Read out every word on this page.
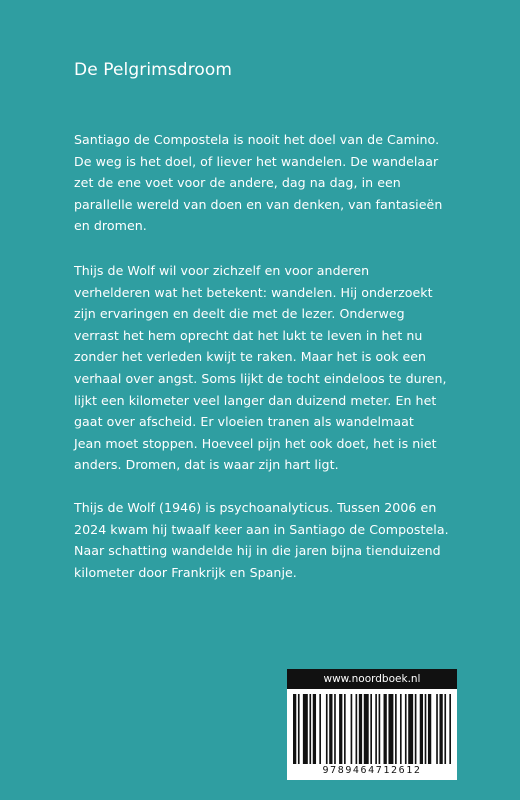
De Pelgrimsdroom
Santiago de Compostela is nooit het doel van de Camino.
De weg is het doel, of liever het wandelen. De wandelaar
zet de ene voet voor de andere, dag na dag, in een
parallelle wereld van doen en van denken, van fantasieën
en dromen.
Thijs de Wolf wil voor zichzelf en voor anderen
verhelderen wat het betekent: wandelen. Hij onderzoekt
zijn ervaringen en deelt die met de lezer. Onderweg
verrast het hem oprecht dat het lukt te leven in het nu
zonder het verleden kwijt te raken. Maar het is ook een
verhaal over angst. Soms lijkt de tocht eindeloos te duren,
lijkt een kilometer veel langer dan duizend meter. En het
gaat over afscheid. Er vloeien tranen als wandelmaat
Jean moet stoppen. Hoeveel pijn het ook doet, het is niet
anders. Dromen, dat is waar zijn hart ligt.
Thijs de Wolf (1946) is psychoanalyticus. Tussen 2006 en
2024 kwam hij twaalf keer aan in Santiago de Compostela.
Naar schatting wandelde hij in die jaren bijna tienduizend
kilometer door Frankrijk en Spanje.
www.noordboek.nl
9789464712612
